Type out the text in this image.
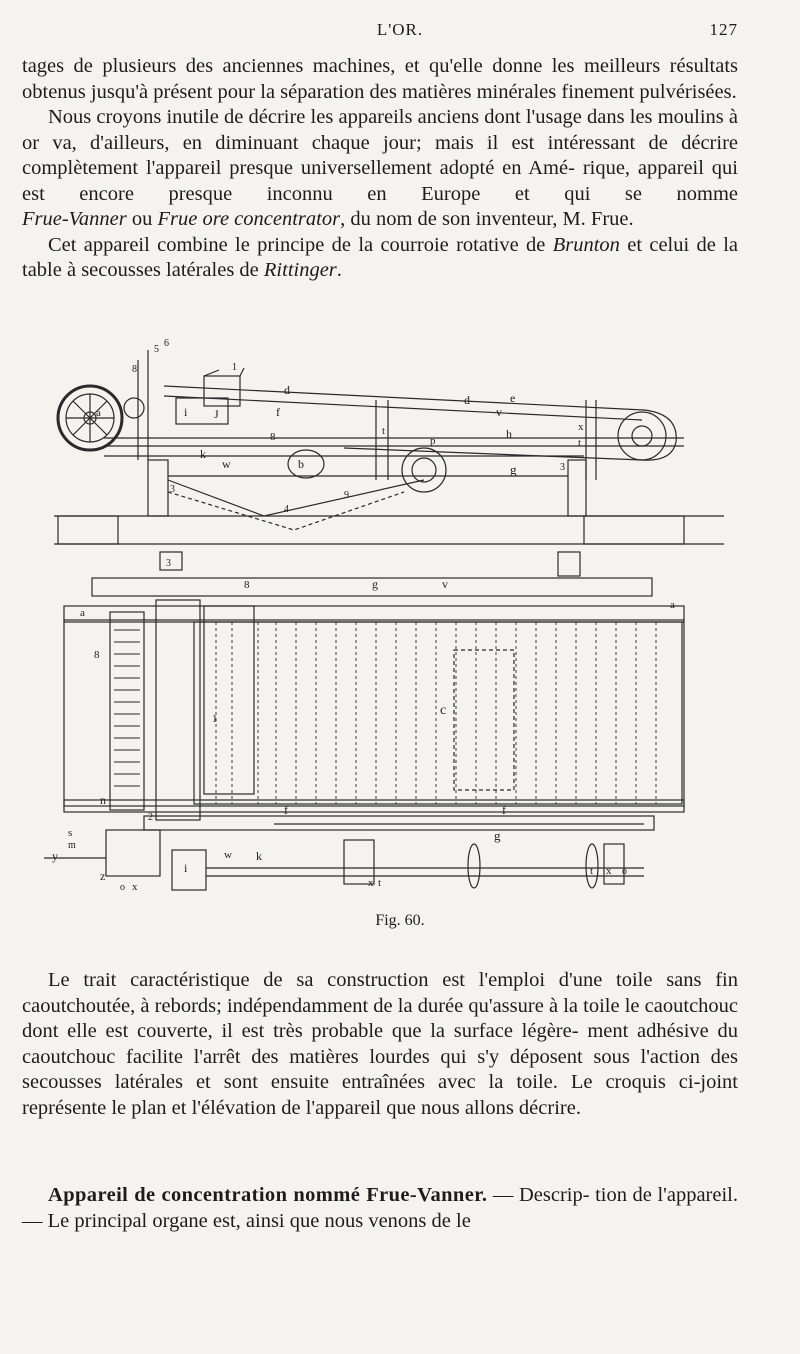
L'OR.	127

tages de plusieurs des anciennes machines, et qu'elle donne les meilleurs résultats obtenus jusqu'à présent pour la séparation des matières minérales finement pulvérisées.

Nous croyons inutile de décrire les appareils anciens dont l'usage dans les moulins à or va, d'ailleurs, en diminuant chaque jour; mais il est intéressant de décrire complètement l'appareil presque universellement adopté en Amé- rique, appareil qui est encore presque inconnu en Europe et qui se nomme Frue-Vanner ou Frue ore concentrator, du nom de son inventeur, M. Frue.

Cet appareil combine le principe de la courroie rotative de Brunton et celui de la table à secousses latérales de Rittinger.

5
6
8	1
a	i J	f
d
d	e
v
h
8
k
w	b	g	3
3
9
4
t
p
x
t
3
g	v
8
a
a
8
1
c
n
2
f	f
g
s
m
y
z
i
w k
x
o	x t
t x o
Fig. 60.

Le trait caractéristique de sa construction est l'emploi d'une toile sans fin caoutchoutée, à rebords; indépendamment de la durée qu'assure à la toile le caoutchouc dont elle est couverte, il est très probable que la surface légère- ment adhésive du caoutchouc facilite l'arrêt des matières lourdes qui s'y déposent sous l'action des secousses latérales et sont ensuite entraînées avec la toile. Le croquis ci-joint représente le plan et l'élévation de l'appareil que nous allons décrire.

Appareil de concentration nommé Frue-Vanner. — Descrip- tion de l'appareil. — Le principal organe est, ainsi que nous venons de le
